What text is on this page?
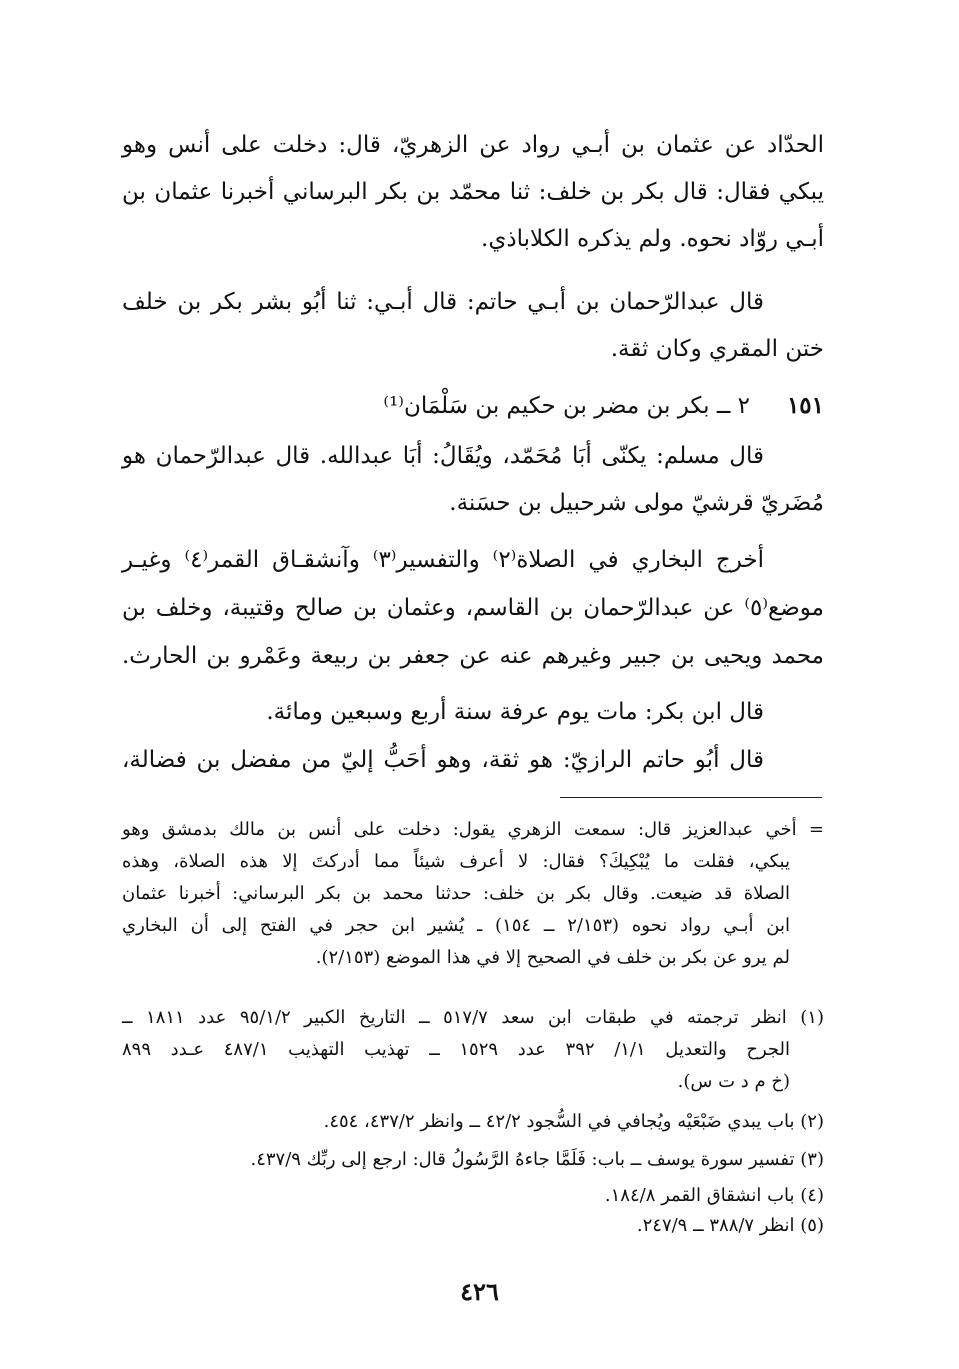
الحدّاد عن عثمان بن أبـي رواد عن الزهريّ، قال: دخلت على أنس وهو
يبكي فقال: قال بكر بن خلف: ثنا محمّد بن بكر البرساني أخبرنا عثمان بن
أبـي روّاد نحوه. ولم يذكره الكلاباذي.
قال عبدالرّحمان بن أبـي حاتم: قال أبـي: ثنا أبُو بشر بكر بن خلف
ختن المقري وكان ثقة.
٢ ــ بكر بن مضر بن حكيم بن سَلْمَان⁽¹⁾	١٥١
قال مسلم: يكنّى أبَا مُحَمّد، ويُقَالُ: أبَا عبدالله. قال عبدالرّحمان هو
مُضَريّ قرشيّ مولى شرحبيل بن حسَنة.
أخرج البخاري في الصلاة⁽٢⁾ والتفسير⁽٣⁾ وآنشقـاق القمر⁽٤⁾ وغيـر
موضع⁽٥⁾ عن عبدالرّحمان بن القاسم، وعثمان بن صالح وقتيبة، وخلف بن
محمد ويحيى بن جبير وغيرهم عنه عن جعفر بن ربيعة وعَمْرو بن الحارث.
قال ابن بكر: مات يوم عرفة سنة أربع وسبعين ومائة.
قال أبُو حاتم الرازيّ: هو ثقة، وهو أحَبُّ إليّ من مفضل بن فضالة،
= أخي عبدالعزيز قال: سمعت الزهري يقول: دخلت على أنس بن مالك بدمشق وهو
يبكي، فقلت ما يُبْكِيكَ؟ فقال: لا أعرف شيئاً مما أدركتَ إلا هذه الصلاة، وهذه
الصلاة قد ضيعت. وقال بكر بن خلف: حدثنا محمد بن بكر البرساني: أخبرنا عثمان
ابن أبـي رواد نحوه (٢/١٥٣ ــ ١٥٤) ـ يُشير ابن حجر في الفتح إلى أن البخاري
لم يرو عن بكر بن خلف في الصحيح إلا في هذا الموضع (٢/١٥٣).
(١) انظر ترجمته في طبقات ابن سعد ٥١٧/٧ ــ التاريخ الكبير ٩٥/١/٢ عدد ١٨١١ ــ
الجرح والتعديل ١/١/ ٣٩٢ عدد ١٥٢٩ ــ تهذيب التهذيب ٤٨٧/١ عـدد ٨٩٩
(خ م د ت س).
(٢) باب يبدي ضَبْعَيْه ويُجافي في السُّجود ٤٢/٢ ــ وانظر ٤٣٧/٢، ٤٥٤.
(٣) تفسير سورة يوسف ــ باب: فَلَمَّا جاءهُ الرَّسُولُ قال: ارجع إلى ربِّك ٤٣٧/٩.
(٤) باب انشقاق القمر ١٨٤/٨.
(٥) انظر ٣٨٨/٧ ــ ٢٤٧/٩.
٤٢٦
